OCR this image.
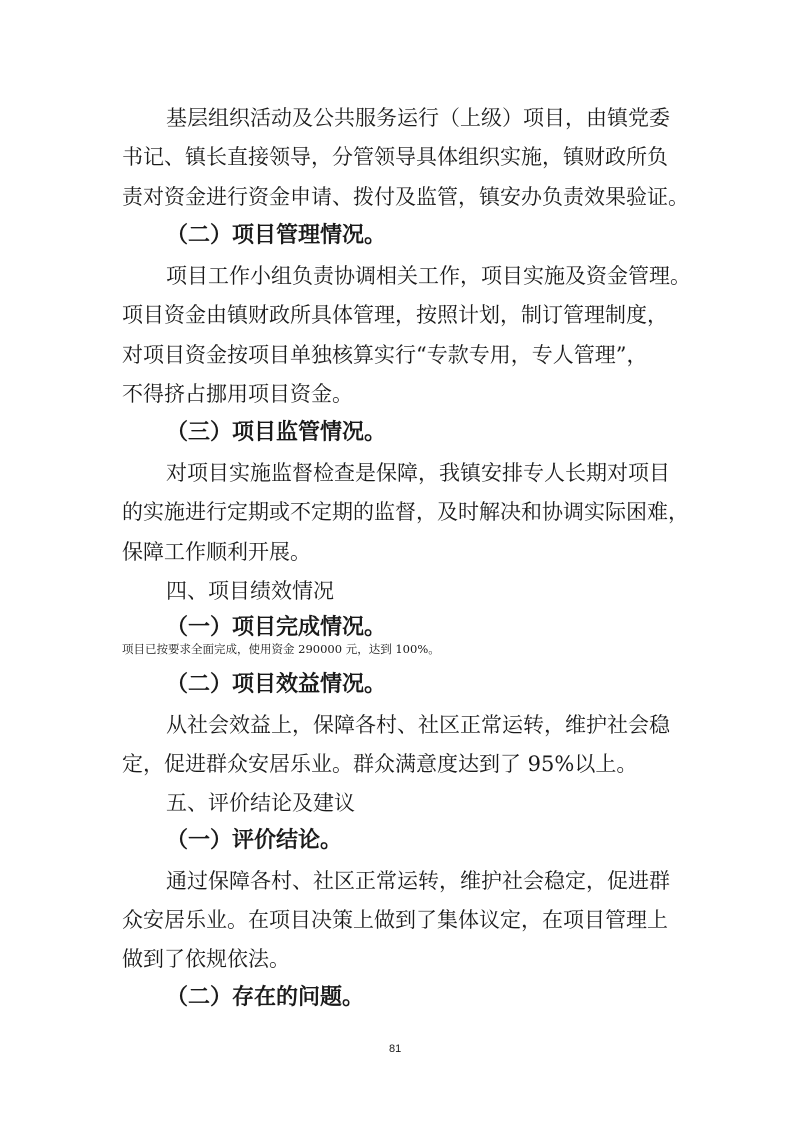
基层组织活动及公共服务运行（上级）项目，由镇党委
书记、镇长直接领导，分管领导具体组织实施，镇财政所负
责对资金进行资金申请、拨付及监管，镇安办负责效果验证。
（二）项目管理情况。
项目工作小组负责协调相关工作，项目实施及资金管理。
项目资金由镇财政所具体管理，按照计划，制订管理制度，
对项目资金按项目单独核算实行“专款专用，专人管理”，
不得挤占挪用项目资金。
（三）项目监管情况。
对项目实施监督检查是保障，我镇安排专人长期对项目
的实施进行定期或不定期的监督，及时解决和协调实际困难，
保障工作顺利开展。
四、项目绩效情况
（一）项目完成情况。
项目已按要求全面完成，使用资金 290000 元，达到 100%。
（二）项目效益情况。
从社会效益上，保障各村、社区正常运转，维护社会稳
定，促进群众安居乐业。群众满意度达到了 95%以上。
五、评价结论及建议
（一）评价结论。
通过保障各村、社区正常运转，维护社会稳定，促进群
众安居乐业。在项目决策上做到了集体议定，在项目管理上
做到了依规依法。
（二）存在的问题。
81
